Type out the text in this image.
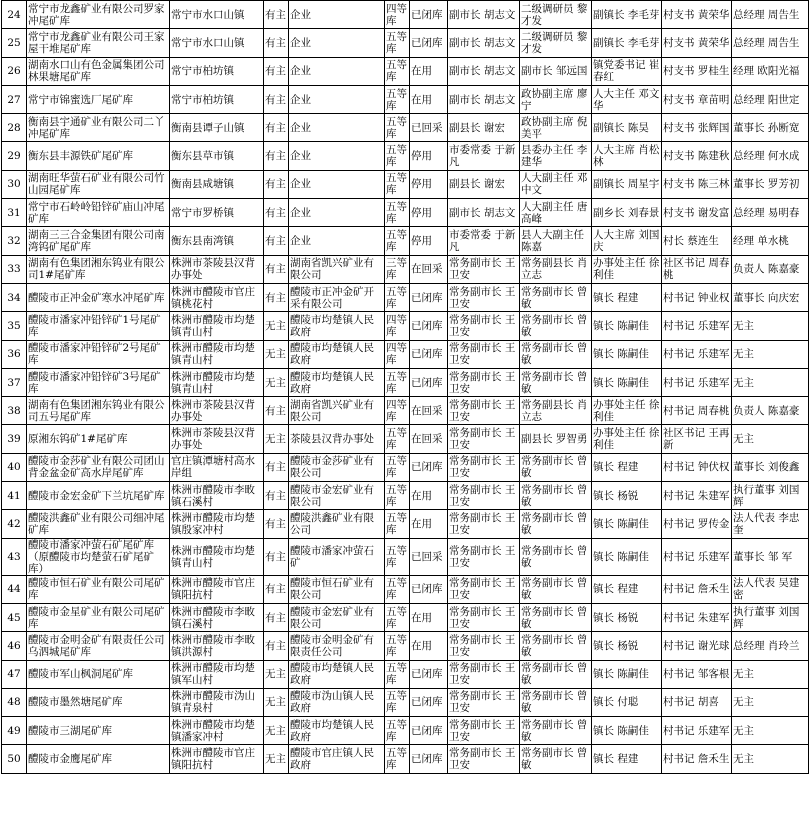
24	常宁市龙鑫矿业有限公司罗家冲尾矿库	常宁市水口山镇	有主	企业	四等库	已闭库	副市长 胡志文	二级调研员 黎才发	副镇长 李毛芽	村支书 黄荣华	总经理 周告生
25	常宁市龙鑫矿业有限公司王家屋干堆尾矿库	常宁市水口山镇	有主	企业	五等库	已闭库	副市长 胡志文	二级调研员 黎才发	副镇长 李毛芽	村支书 黄荣华	总经理 周告生
26	湖南水口山有色金属集团公司林果塘尾矿库	常宁市柏坊镇	有主	企业	五等库	在用	副市长 胡志文	副市长 邹远国	镇党委书记 崔春红	村支书 罗桂生	经理 欧阳光福
27	常宁市锦蜜选厂尾矿库	常宁市柏坊镇	有主	企业	五等库	在用	副市长 胡志文	政协副主席 廖宁	人大主任 邓文华	村支书 章苗明	总经理 阳世定
28	衡南县宇通矿业有限公司二丫冲尾矿库	衡南县谭子山镇	有主	企业	五等库	已回采	副县长 谢宏	政协副主席 倪美平	副镇长 陈昊	村支书 张辉国	董事长 孙断宽
29	衡东县丰源铁矿尾矿库	衡东县草市镇	有主	企业	五等库	停用	市委常委 于新凡	县委办主任 李建华	人大主席 肖松林	村支书 陈建秋	总经理 何水成
30	湖南旺华萤石矿业有限公司竹山园尾矿库	衡南县咸塘镇	有主	企业	五等库	停用	副县长 谢宏	人大副主任 邓中文	副镇长 周星宇	村支书 陈三林	董事长 罗芳初
31	常宁市石岭岭铅锌矿庙山冲尾矿库	常宁市罗桥镇	有主	企业	五等库	停用	副市长 胡志文	人大副主任 唐高峰	副乡长 刘春景	村支书 谢发富	总经理 易明春
32	湖南三三合金集团有限公司南湾钨矿尾矿库	衡东县南湾镇	有主	企业	五等库	停用	市委常委 于新凡	县人大副主任 陈嘉	人大主席 刘国庆	村长 蔡连生	经理 单水桃
33	湖南有色集团湘东钨业有限公司1#尾矿库	株洲市茶陵县汉背办事处	有主	湖南省凯兴矿业有限公司	三等库	在回采	常务副市长 王卫安	常务副县长 肖立志	办事处主任 徐利佳	社区书记 周春桃	负责人 陈嘉豪
34	醴陵市正冲金矿寒水冲尾矿库	株洲市醴陵市官庄镇桃花村	有主	醴陵市正冲金矿开采有限公司	五等库	已闭库	常务副市长 王卫安	常务副市长 曾敏	镇长 程建	村书记 钟业权	董事长 向庆宏
35	醴陵市潘家冲铅锌矿1号尾矿库	株洲市醴陵市均楚镇青山村	无主	醴陵市均楚镇人民政府	四等库	已闭库	常务副市长 王卫安	常务副市长 曾敏	镇长 陈嗣佳	村书记 乐建军	无主
36	醴陵市潘家冲铅锌矿2号尾矿库	株洲市醴陵市均楚镇青山村	无主	醴陵市均楚镇人民政府	四等库	已闭库	常务副市长 王卫安	常务副市长 曾敏	镇长 陈嗣佳	村书记 乐建军	无主
37	醴陵市潘家冲铅锌矿3号尾矿库	株洲市醴陵市均楚镇青山村	无主	醴陵市均楚镇人民政府	五等库	已闭库	常务副市长 王卫安	常务副市长 曾敏	镇长 陈嗣佳	村书记 乐建军	无主
38	湖南有色集团湘东钨业有限公司五号尾矿库	株洲市茶陵县汉背办事处	有主	湖南省凯兴矿业有限公司	四等库	在回采	常务副市长 王卫安	常务副县长 肖立志	办事处主任 徐利佳	村书记 周春桃	负责人 陈嘉豪
39	原湘东钨矿1#尾矿库	株洲市茶陵县汉背办事处	无主	茶陵县汉背办事处	五等库	在回采	常务副市长 王卫安	副县长 罗智勇	办事处主任 徐利佳	社区书记 王再新	无主
40	醴陵市金莎矿业有限公司团山背金盆金矿高水岸尾矿库	官庄镇潭塘村高水岸组	有主	醴陵市金莎矿业有限公司	五等库	已闭库	常务副市长 王卫安	常务副市长 曾敏	镇长 程建	村书记 钟伏权	董事长 刘俊鑫
41	醴陵市金宏金矿下兰坑尾矿库	株洲市醴陵市李畋镇石溪村	有主	醴陵市金宏矿业有限公司	五等库	在用	常务副市长 王卫安	常务副市长 曾敏	镇长 杨锐	村书记 朱建军	执行董事 刘国辉
42	醴陵洪鑫矿业有限公司细冲尾矿库	株洲市醴陵市均楚镇殷家冲村	有主	醴陵洪鑫矿业有限公司	五等库	在用	常务副市长 王卫安	常务副市长 曾敏	镇长 陈嗣佳	村书记 罗传金	法人代表 李忠奎
43	醴陵市潘家冲萤石矿尾矿库（原醴陵市均楚萤石矿尾矿库）	株洲市醴陵市均楚镇青山村	有主	醴陵市潘家冲萤石矿	五等库	已回采	常务副市长 王卫安	常务副市长 曾敏	镇长 陈嗣佳	村书记 乐建军	董事长 邹 军
44	醴陵市恒石矿业有限公司尾矿库	株洲市醴陵市官庄镇阳抗村	有主	醴陵市恒石矿业有限公司	五等库	已闭库	常务副市长 王卫安	常务副市长 曾敏	镇长 程建	村书记 詹禾生	法人代表 吴建密
45	醴陵市金星矿业有限公司尾矿库	株洲市醴陵市李畋镇石溪村	有主	醴陵市金宏矿业有限公司	五等库	在用	常务副市长 王卫安	常务副市长 曾敏	镇长 杨锐	村书记 朱建军	执行董事 刘国辉
46	醴陵市金明金矿有限责任公司乌泗城尾矿库	株洲市醴陵市李畋镇洪源村	有主	醴陵市金明金矿有限责任公司	五等库	在用	常务副市长 王卫安	常务副市长 曾敏	镇长 杨锐	村书记 谢光球	总经理 肖玲兰
47	醴陵市军山枫洞尾矿库	株洲市醴陵市均楚镇军山村	无主	醴陵市均楚镇人民政府	五等库	已闭库	常务副市长 王卫安	常务副市长 曾敏	镇长 陈嗣佳	村书记 邹客根	无主
48	醴陵市墨然塘尾矿库	株洲市醴陵市沩山镇青泉村	无主	醴陵市沩山镇人民政府	五等库	已闭库	常务副市长 王卫安	常务副市长 曾敏	镇长 付聪	村书记 胡喜	无主
49	醴陵市三湖尾矿库	株洲市醴陵市均楚镇潘家冲村	无主	醴陵市均楚镇人民政府	五等库	已闭库	常务副市长 王卫安	常务副市长 曾敏	镇长 陈嗣佳	村书记 乐建军	无主
50	醴陵市金鹰尾矿库	株洲市醴陵市官庄镇阳抗村	无主	醴陵市官庄镇人民政府	五等库	已闭库	常务副市长 王卫安	常务副市长 曾敏	镇长 程建	村书记 詹禾生	无主
